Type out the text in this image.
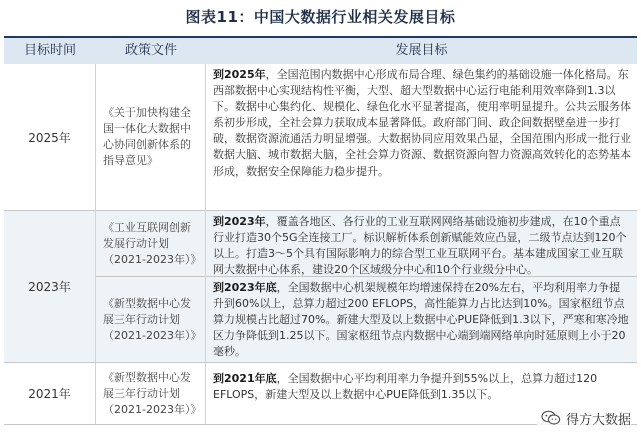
图表11：中国大数据行业相关发展目标
目标时间	政策文件	发展目标
2025年
《关于加快构建全国一体化大数据中心协同创新体系的指导意见》
到2025年，全国范围内数据中心形成布局合理、绿色集约的基础设施一体化格局。东西部数据中心实现结构性平衡，大型、超大型数据中心运行电能利用效率降到1.3以下。数据中心集约化、规模化、绿色化水平显著提高，使用率明显提升。公共云服务体系初步形成，全社会算力获取成本显著降低。政府部门间、政企间数据壁垒进一步打破，数据资源流通活力明显增强。大数据协同应用效果凸显，全国范围内形成一批行业数据大脑、城市数据大脑，全社会算力资源、数据资源向智力资源高效转化的态势基本形成，数据安全保障能力稳步提升。
2023年
《工业互联网创新发展行动计划（2021-2023年）》
到2023年，覆盖各地区、各行业的工业互联网网络基础设施初步建成，在10个重点行业打造30个5G全连接工厂。标识解析体系创新赋能效应凸显，二级节点达到120个以上。打造3～5个具有国际影响力的综合型工业互联网平台。基本建成国家工业互联网大数据中心体系，建设20个区域级分中心和10个行业级分中心。
《新型数据中心发展三年行动计划（2021-2023年）》
到2023年底，全国数据中心机架规模年均增速保持在20%左右，平均利用率力争提升到60%以上，总算力超过200 EFLOPS，高性能算力占比达到10%。国家枢纽节点算力规模占比超过70%。新建大型及以上数据中心PUE降低到1.3以下，严寒和寒冷地区力争降低到1.25以下。国家枢纽节点内数据中心端到端网络单向时延原则上小于20毫秒。
2021年
《新型数据中心发展三年行动计划（2021-2023年）》
到2021年底，全国数据中心平均利用率力争提升到55%以上，总算力超过120 EFLOPS，新建大型及以上数据中心PUE降低到1.35以下。
得方大数据
